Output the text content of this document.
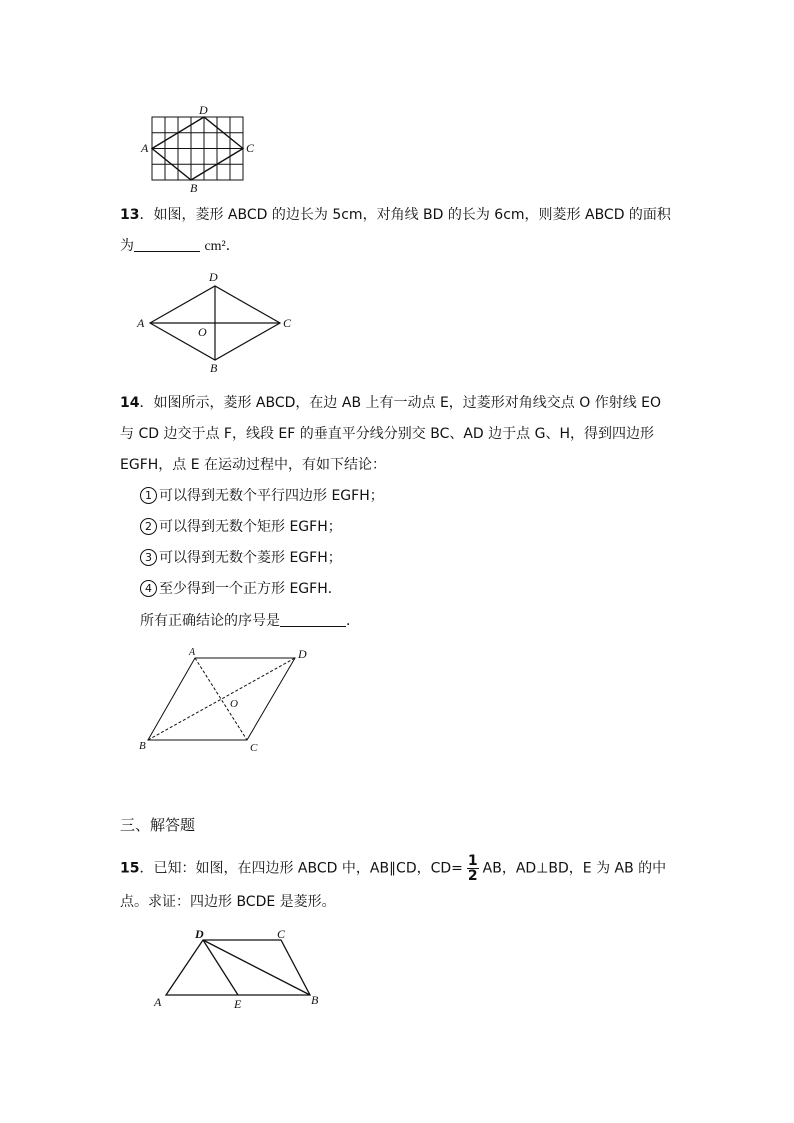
D
A	C
B
13．如图，菱形 ABCD 的边长为 5cm，对角线 BD 的长为 6cm，则菱形 ABCD 的面积
为	cm²．
D
A	C
O
B
14．如图所示，菱形 ABCD，在边 AB 上有一动点 E，过菱形对角线交点 O 作射线 EO
与 CD 边交于点 F，线段 EF 的垂直平分线分别交 BC、AD 边于点 G、H，得到四边形
EGFH，点 E 在运动过程中，有如下结论：
1 可以得到无数个平行四边形 EGFH；
2 可以得到无数个矩形 EGFH；
3 可以得到无数个菱形 EGFH；
4 至少得到一个正方形 EGFH．
所有正确结论的序号是	．
A	D
O
B	C
三、解答题
15．已知：如图，在四边形 ABCD 中，AB∥CD，$CD= \frac{1}{2}$ AB，AD⊥BD，E 为 AB 的中
点。求证：四边形 BCDE 是菱形。
D	C
A	E	B
